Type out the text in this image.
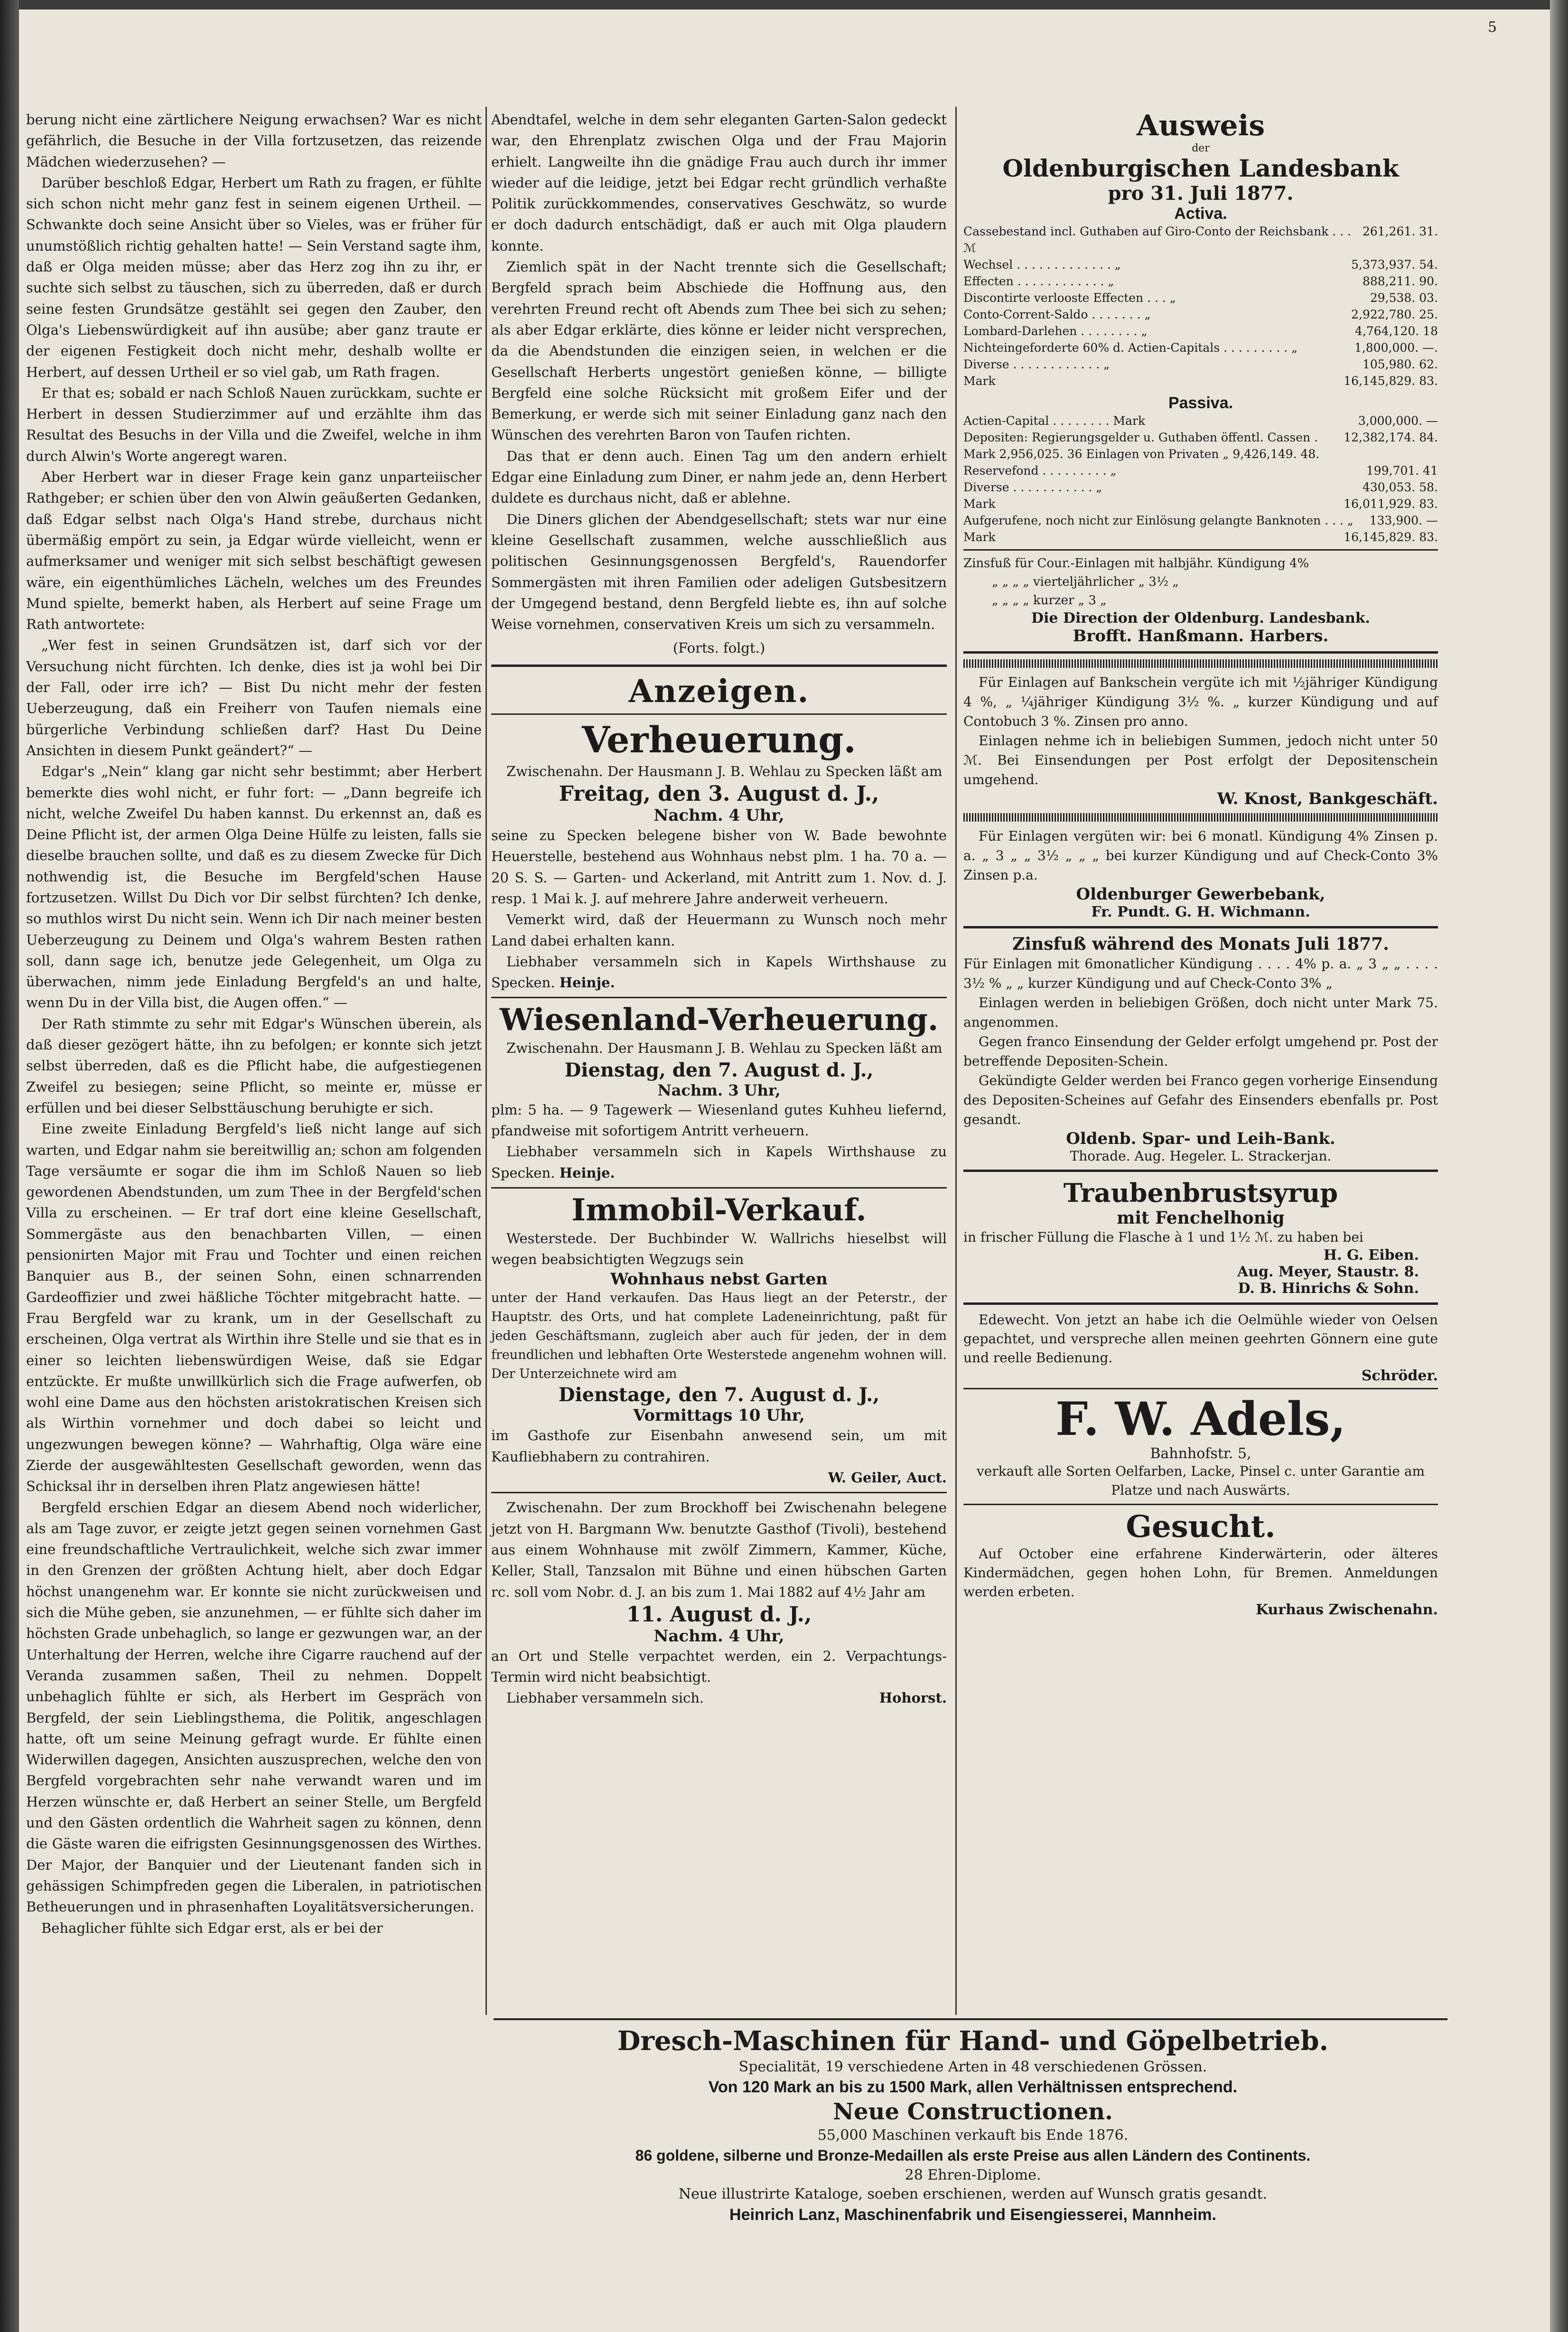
5

berung nicht eine zärtlichere Neigung erwachsen? War es nicht gefährlich, die Besuche in der Villa fortzusetzen, das reizende Mädchen wiederzusehen? —

Darüber beschloß Edgar, Herbert um Rath zu fragen, er fühlte sich schon nicht mehr ganz fest in seinem eigenen Urtheil. — Schwankte doch seine Ansicht über so Vieles, was er früher für unumstößlich richtig gehalten hatte! — Sein Verstand sagte ihm, daß er Olga meiden müsse; aber das Herz zog ihn zu ihr, er suchte sich selbst zu täuschen, sich zu überreden, daß er durch seine festen Grundsätze gestählt sei gegen den Zauber, den Olga's Liebenswürdigkeit auf ihn ausübe; aber ganz traute er der eigenen Festigkeit doch nicht mehr, deshalb wollte er Herbert, auf dessen Urtheil er so viel gab, um Rath fragen.

Er that es; sobald er nach Schloß Nauen zurückkam, suchte er Herbert in dessen Studierzimmer auf und erzählte ihm das Resultat des Besuchs in der Villa und die Zweifel, welche in ihm durch Alwin's Worte angeregt waren.

Aber Herbert war in dieser Frage kein ganz unparteiischer Rathgeber; er schien über den von Alwin geäußerten Gedanken, daß Edgar selbst nach Olga's Hand strebe, durchaus nicht übermäßig empört zu sein, ja Edgar würde vielleicht, wenn er aufmerksamer und weniger mit sich selbst beschäftigt gewesen wäre, ein eigenthümliches Lächeln, welches um des Freundes Mund spielte, bemerkt haben, als Herbert auf seine Frage um Rath antwortete:

„Wer fest in seinen Grundsätzen ist, darf sich vor der Versuchung nicht fürchten. Ich denke, dies ist ja wohl bei Dir der Fall, oder irre ich? — Bist Du nicht mehr der festen Ueberzeugung, daß ein Freiherr von Taufen niemals eine bürgerliche Verbindung schließen darf? Hast Du Deine Ansichten in diesem Punkt geändert?“ —

Edgar's „Nein“ klang gar nicht sehr bestimmt; aber Herbert bemerkte dies wohl nicht, er fuhr fort: — „Dann begreife ich nicht, welche Zweifel Du haben kannst. Du erkennst an, daß es Deine Pflicht ist, der armen Olga Deine Hülfe zu leisten, falls sie dieselbe brauchen sollte, und daß es zu diesem Zwecke für Dich nothwendig ist, die Besuche im Bergfeld'schen Hause fortzusetzen. Willst Du Dich vor Dir selbst fürchten? Ich denke, so muthlos wirst Du nicht sein. Wenn ich Dir nach meiner besten Ueberzeugung zu Deinem und Olga's wahrem Besten rathen soll, dann sage ich, benutze jede Gelegenheit, um Olga zu überwachen, nimm jede Einladung Bergfeld's an und halte, wenn Du in der Villa bist, die Augen offen.“ —

Der Rath stimmte zu sehr mit Edgar's Wünschen überein, als daß dieser gezögert hätte, ihn zu befolgen; er konnte sich jetzt selbst überreden, daß es die Pflicht habe, die aufgestiegenen Zweifel zu besiegen; seine Pflicht, so meinte er, müsse er erfüllen und bei dieser Selbsttäuschung beruhigte er sich.

Eine zweite Einladung Bergfeld's ließ nicht lange auf sich warten, und Edgar nahm sie bereitwillig an; schon am folgenden Tage versäumte er sogar die ihm im Schloß Nauen so lieb gewordenen Abendstunden, um zum Thee in der Bergfeld'schen Villa zu erscheinen. — Er traf dort eine kleine Gesellschaft, Sommergäste aus den benachbarten Villen, — einen pensionirten Major mit Frau und Tochter und einen reichen Banquier aus B., der seinen Sohn, einen schnarrenden Gardeoffizier und zwei häßliche Töchter mitgebracht hatte. — Frau Bergfeld war zu krank, um in der Gesellschaft zu erscheinen, Olga vertrat als Wirthin ihre Stelle und sie that es in einer so leichten liebenswürdigen Weise, daß sie Edgar entzückte. Er mußte unwillkürlich sich die Frage aufwerfen, ob wohl eine Dame aus den höchsten aristokratischen Kreisen sich als Wirthin vornehmer und doch dabei so leicht und ungezwungen bewegen könne? — Wahrhaftig, Olga wäre eine Zierde der ausgewähltesten Gesellschaft geworden, wenn das Schicksal ihr in derselben ihren Platz angewiesen hätte!

Bergfeld erschien Edgar an diesem Abend noch widerlicher, als am Tage zuvor, er zeigte jetzt gegen seinen vornehmen Gast eine freundschaftliche Vertraulichkeit, welche sich zwar immer in den Grenzen der größten Achtung hielt, aber doch Edgar höchst unangenehm war. Er konnte sie nicht zurückweisen und sich die Mühe geben, sie anzunehmen, — er fühlte sich daher im höchsten Grade unbehaglich, so lange er gezwungen war, an der Unterhaltung der Herren, welche ihre Cigarre rauchend auf der Veranda zusammen saßen, Theil zu nehmen. Doppelt unbehaglich fühlte er sich, als Herbert im Gespräch von Bergfeld, der sein Lieblingsthema, die Politik, angeschlagen hatte, oft um seine Meinung gefragt wurde. Er fühlte einen Widerwillen dagegen, Ansichten auszusprechen, welche den von Bergfeld vorgebrachten sehr nahe verwandt waren und im Herzen wünschte er, daß Herbert an seiner Stelle, um Bergfeld und den Gästen ordentlich die Wahrheit sagen zu können, denn die Gäste waren die eifrigsten Gesinnungsgenossen des Wirthes. Der Major, der Banquier und der Lieutenant fanden sich in gehässigen Schimpfreden gegen die Liberalen, in patriotischen Betheuerungen und in phrasenhaften Loyalitätsversicherungen.

Behaglicher fühlte sich Edgar erst, als er bei der

Abendtafel, welche in dem sehr eleganten Garten-Salon gedeckt war, den Ehrenplatz zwischen Olga und der Frau Majorin erhielt. Langweilte ihn die gnädige Frau auch durch ihr immer wieder auf die leidige, jetzt bei Edgar recht gründlich verhaßte Politik zurückkommendes, conservatives Geschwätz, so wurde er doch dadurch entschädigt, daß er auch mit Olga plaudern konnte.

Ziemlich spät in der Nacht trennte sich die Gesellschaft; Bergfeld sprach beim Abschiede die Hoffnung aus, den verehrten Freund recht oft Abends zum Thee bei sich zu sehen; als aber Edgar erklärte, dies könne er leider nicht versprechen, da die Abendstunden die einzigen seien, in welchen er die Gesellschaft Herberts ungestört genießen könne, — billigte Bergfeld eine solche Rücksicht mit großem Eifer und der Bemerkung, er werde sich mit seiner Einladung ganz nach den Wünschen des verehrten Baron von Taufen richten.

Das that er denn auch. Einen Tag um den andern erhielt Edgar eine Einladung zum Diner, er nahm jede an, denn Herbert duldete es durchaus nicht, daß er ablehne.

Die Diners glichen der Abendgesellschaft; stets war nur eine kleine Gesellschaft zusammen, welche ausschließlich aus politischen Gesinnungsgenossen Bergfeld's, Rauendorfer Sommergästen mit ihren Familien oder adeligen Gutsbesitzern der Umgegend bestand, denn Bergfeld liebte es, ihn auf solche Weise vornehmen, conservativen Kreis um sich zu versammeln.

(Forts. folgt.)

Anzeigen.

Verheuerung.

Zwischenahn. Der Hausmann J. B. Wehlau zu Specken läßt am

Freitag, den 3. August d. J.,

Nachm. 4 Uhr,

seine zu Specken belegene bisher von W. Bade bewohnte Heuerstelle, bestehend aus Wohnhaus nebst plm. 1 ha. 70 a. — 20 S. S. — Garten- und Ackerland, mit Antritt zum 1. Nov. d. J. resp. 1 Mai k. J. auf mehrere Jahre anderweit verheuern.

Vemerkt wird, daß der Heuermann zu Wunsch noch mehr Land dabei erhalten kann.

Liebhaber versammeln sich in Kapels Wirthshause zu Specken. Heinje.

Wiesenland-Verheuerung.

Zwischenahn. Der Hausmann J. B. Wehlau zu Specken läßt am

Dienstag, den 7. August d. J.,

Nachm. 3 Uhr,

plm: 5 ha. — 9 Tagewerk — Wiesenland gutes Kuhheu liefernd, pfandweise mit sofortigem Antritt verheuern.

Liebhaber versammeln sich in Kapels Wirthshause zu Specken. Heinje.

Immobil-Verkauf.

Westerstede. Der Buchbinder W. Wallrichs hieselbst will wegen beabsichtigten Wegzugs sein

Wohnhaus nebst Garten

unter der Hand verkaufen. Das Haus liegt an der Peterstr., der Hauptstr. des Orts, und hat complete Ladeneinrichtung, paßt für jeden Geschäftsmann, zugleich aber auch für jeden, der in dem freundlichen und lebhaften Orte Westerstede angenehm wohnen will. Der Unterzeichnete wird am

Dienstage, den 7. August d. J.,

Vormittags 10 Uhr,

im Gasthofe zur Eisenbahn anwesend sein, um mit Kaufliebhabern zu contrahiren.

W. Geiler, Auct.

Zwischenahn. Der zum Brockhoff bei Zwischenahn belegene jetzt von H. Bargmann Ww. benutzte Gasthof (Tivoli), bestehend aus einem Wohnhause mit zwölf Zimmern, Kammer, Küche, Keller, Stall, Tanzsalon mit Bühne und einen hübschen Garten rc. soll vom Nobr. d. J. an bis zum 1. Mai 1882 auf 4½ Jahr am

11. August d. J.,

Nachm. 4 Uhr,

an Ort und Stelle verpachtet werden, ein 2. Verpachtungs-Termin wird nicht beabsichtigt.

Liebhaber versammeln sich.	Hohorst.

Ausweis

der

Oldenburgischen Landesbank

pro 31. Juli 1877.

Activa.

Cassebestand incl. Guthaben auf Giro-Conto der Reichsbank . . . ℳ
261,261. 31.
Wechsel . . . . . . . . . . . . . „	5,373,937. 54.
Effecten . . . . . . . . . . . . „	888,211. 90.
Discontirte verlooste Effecten . . . „	29,538. 03.
Conto-Corrent-Saldo . . . . . . . „	2,922,780. 25.
Lombard-Darlehen . . . . . . . . „	4,764,120. 18
Nichteingeforderte 60% d. Actien-Capitals . . . . . . . . . „	1,800,000. —.
Diverse . . . . . . . . . . . . „	105,980. 62.
Mark	16,145,829. 83.

Passiva.

Actien-Capital . . . . . . . . Mark	3,000,000. —
Depositen: Regierungsgelder u. Guthaben öffentl. Cassen . Mark 2,956,025. 36 Einlagen von Privaten „ 9,426,149. 48.
12,382,174. 84.
Reservefond . . . . . . . . . „	199,701. 41
Diverse . . . . . . . . . . . „	430,053. 58.
Mark	16,011,929. 83.
Aufgerufene, noch nicht zur Einlösung gelangte Banknoten . . . „	133,900. —
Mark	16,145,829. 83.

Zinsfuß für Cour.-Einlagen mit halbjähr. Kündigung 4%

„ „ „ „ vierteljährlicher „ 3½ „

„ „ „ „ kurzer „ 3 „

Die Direction der Oldenburg. Landesbank.

Brofft. Hanßmann. Harbers.

Für Einlagen auf Bankschein vergüte ich mit ½jähriger Kündigung 4 %, „ ¼jähriger Kündigung 3½ %. „ kurzer Kündigung und auf Contobuch 3 %. Zinsen pro anno.

Einlagen nehme ich in beliebigen Summen, jedoch nicht unter 50 ℳ. Bei Einsendungen per Post erfolgt der Depositenschein umgehend.

W. Knost, Bankgeschäft.

Für Einlagen vergüten wir: bei 6 monatl. Kündigung 4% Zinsen p. a. „ 3 „ „ 3½ „ „ „ bei kurzer Kündigung und auf Check-Conto 3% Zinsen p.a.

Oldenburger Gewerbebank,

Fr. Pundt. G. H. Wichmann.

Zinsfuß während des Monats Juli 1877.

Für Einlagen mit 6monatlicher Kündigung . . . . 4% p. a. „ 3 „ „ . . . . 3½ % „ „ kurzer Kündigung und auf Check-Conto 3% „

Einlagen werden in beliebigen Größen, doch nicht unter Mark 75. angenommen.

Gegen franco Einsendung der Gelder erfolgt umgehend pr. Post der betreffende Depositen-Schein.

Gekündigte Gelder werden bei Franco gegen vorherige Einsendung des Depositen-Scheines auf Gefahr des Einsenders ebenfalls pr. Post gesandt.

Oldenb. Spar- und Leih-Bank.

Thorade. Aug. Hegeler. L. Strackerjan.

Traubenbrustsyrup

mit Fenchelhonig

in frischer Füllung die Flasche à 1 und 1½ ℳ. zu haben bei

H. G. Eiben.

Aug. Meyer, Staustr. 8.

D. B. Hinrichs & Sohn.

Edewecht. Von jetzt an habe ich die Oelmühle wieder von Oelsen gepachtet, und verspreche allen meinen geehrten Gönnern eine gute und reelle Bedienung.

Schröder.

F. W. Adels,

Bahnhofstr. 5,

verkauft alle Sorten Oelfarben, Lacke, Pinsel c. unter Garantie am Platze und nach Auswärts.

Gesucht.

Auf October eine erfahrene Kinderwärterin, oder älteres Kindermädchen, gegen hohen Lohn, für Bremen. Anmeldungen werden erbeten.

Kurhaus Zwischenahn.

Dresch-Maschinen für Hand- und Göpelbetrieb.

Specialität, 19 verschiedene Arten in 48 verschiedenen Grössen.

Von 120 Mark an bis zu 1500 Mark, allen Verhältnissen entsprechend.

Neue Constructionen.

55,000 Maschinen verkauft bis Ende 1876.

86 goldene, silberne und Bronze-Medaillen als erste Preise aus allen Ländern des Continents.

28 Ehren-Diplome.

Neue illustrirte Kataloge, soeben erschienen, werden auf Wunsch gratis gesandt.

Heinrich Lanz, Maschinenfabrik und Eisengiesserei, Mannheim.
